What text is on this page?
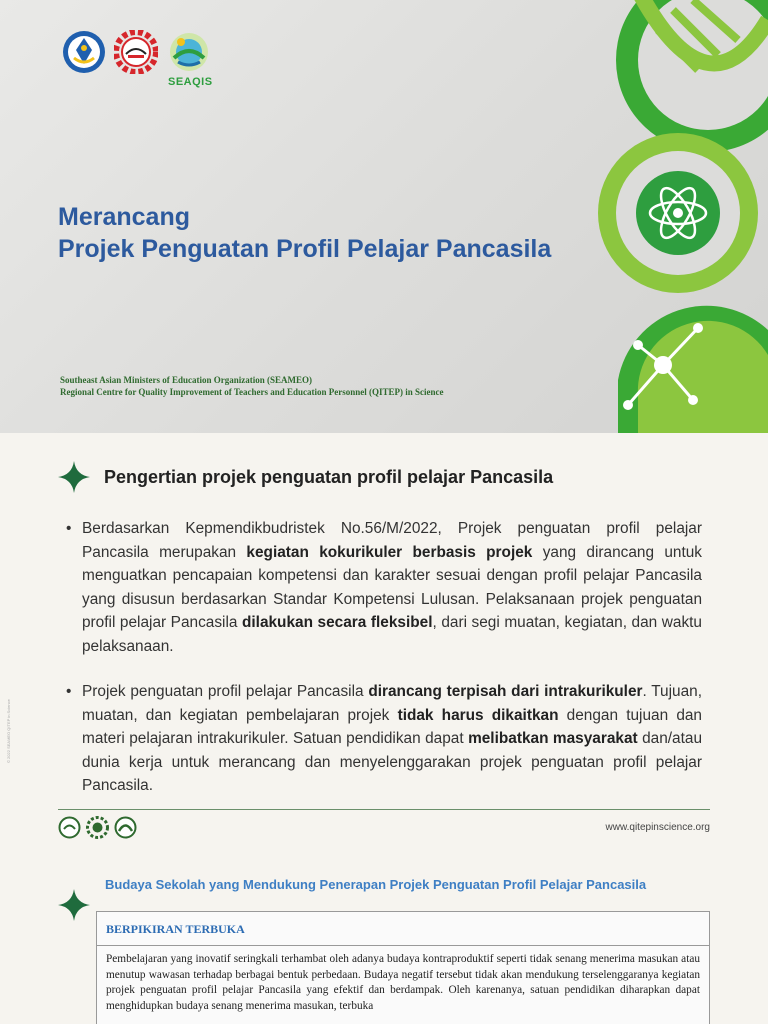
SEAQIS
Merancang
Projek Penguatan Profil Pelajar Pancasila
Southeast Asian Ministers of Education Organization (SEAMEO)
Regional Centre for Quality Improvement of Teachers and Education Personnel (QITEP) in Science
Pengertian projek penguatan profil pelajar Pancasila
• Berdasarkan Kepmendikbudristek No.56/M/2022, Projek penguatan profil pelajar Pancasila merupakan kegiatan kokurikuler berbasis projek yang dirancang untuk menguatkan pencapaian kompetensi dan karakter sesuai dengan profil pelajar Pancasila yang disusun berdasarkan Standar Kompetensi Lulusan. Pelaksanaan projek penguatan profil pelajar Pancasila dilakukan secara fleksibel, dari segi muatan, kegiatan, dan waktu pelaksanaan.

• Projek penguatan profil pelajar Pancasila dirancang terpisah dari intrakurikuler. Tujuan, muatan, dan kegiatan pembelajaran projek tidak harus dikaitkan dengan tujuan dan materi pelajaran intrakurikuler. Satuan pendidikan dapat melibatkan masyarakat dan/atau dunia kerja untuk merancang dan menyelenggarakan projek penguatan profil pelajar Pancasila.

www.qitepinscience.org
© 2022 SEAMEO QITEP in Science
Budaya Sekolah yang Mendukung Penerapan Projek Penguatan Profil Pelajar Pancasila
BERPIKIRAN TERBUKA

Pembelajaran yang inovatif seringkali terhambat oleh adanya budaya kontraproduktif seperti tidak senang menerima masukan atau menutup wawasan terhadap berbagai bentuk perbedaan. Budaya negatif tersebut tidak akan mendukung terselenggaranya kegiatan projek penguatan profil pelajar Pancasila yang efektif dan berdampak. Oleh karenanya, satuan pendidikan diharapkan dapat menghidupkan budaya senang menerima masukan, terbuka
